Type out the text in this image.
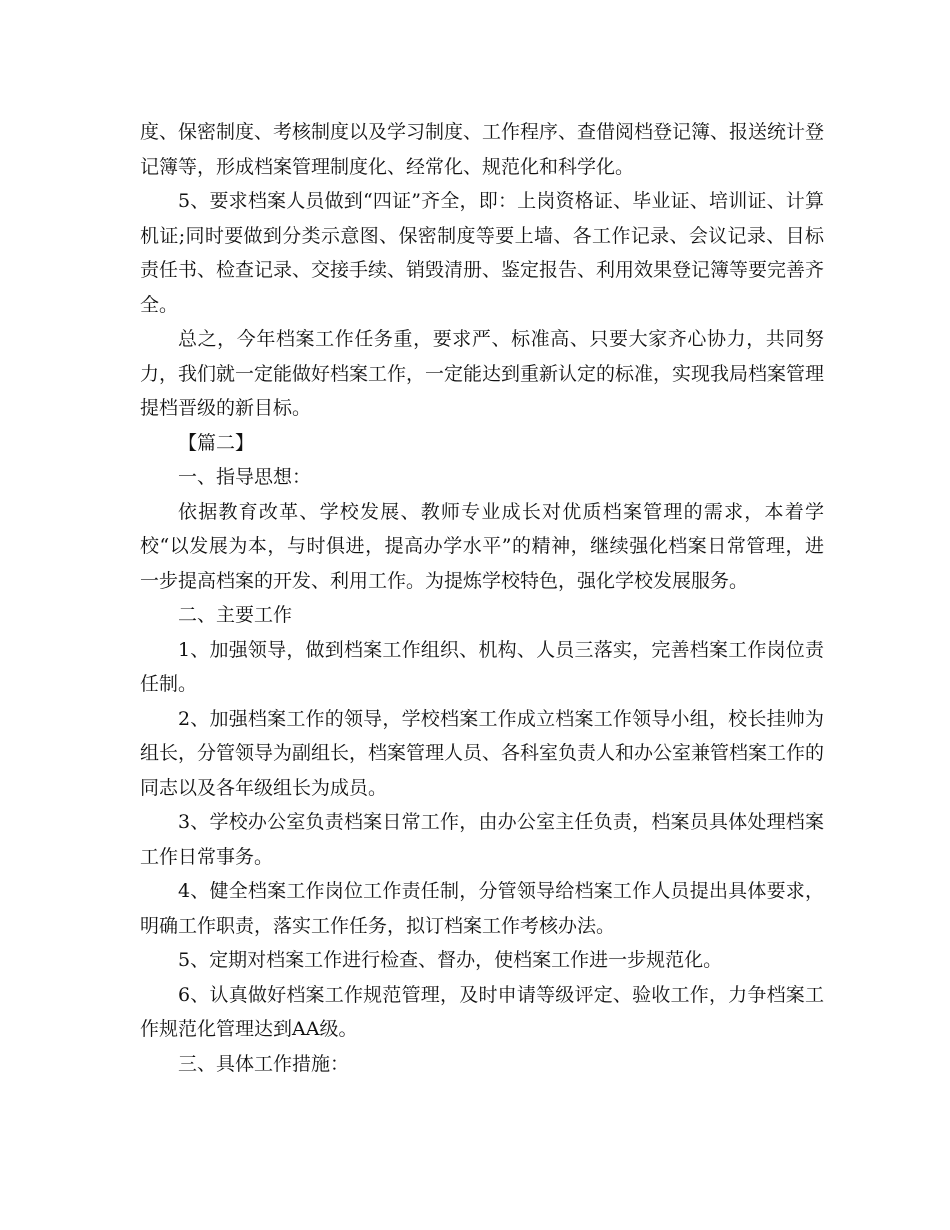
度、保密制度、考核制度以及学习制度、工作程序、查借阅档登记簿、报送统计登记簿等，形成档案管理制度化、经常化、规范化和科学化。

5、要求档案人员做到“四证”齐全，即：上岗资格证、毕业证、培训证、计算机证;同时要做到分类示意图、保密制度等要上墙、各工作记录、会议记录、目标责任书、检查记录、交接手续、销毁清册、鉴定报告、利用效果登记簿等要完善齐全。

总之，今年档案工作任务重，要求严、标准高、只要大家齐心协力，共同努力，我们就一定能做好档案工作，一定能达到重新认定的标准，实现我局档案管理提档晋级的新目标。

【篇二】

一、指导思想：

依据教育改革、学校发展、教师专业成长对优质档案管理的需求，本着学校“以发展为本，与时俱进，提高办学水平”的精神，继续强化档案日常管理，进一步提高档案的开发、利用工作。为提炼学校特色，强化学校发展服务。

二、主要工作

1、加强领导，做到档案工作组织、机构、人员三落实，完善档案工作岗位责任制。

2、加强档案工作的领导，学校档案工作成立档案工作领导小组，校长挂帅为组长，分管领导为副组长，档案管理人员、各科室负责人和办公室兼管档案工作的同志以及各年级组长为成员。

3、学校办公室负责档案日常工作，由办公室主任负责，档案员具体处理档案工作日常事务。

4、健全档案工作岗位工作责任制，分管领导给档案工作人员提出具体要求，明确工作职责，落实工作任务，拟订档案工作考核办法。

5、定期对档案工作进行检查、督办，使档案工作进一步规范化。

6、认真做好档案工作规范管理，及时申请等级评定、验收工作，力争档案工作规范化管理达到AA级。

三、具体工作措施：
